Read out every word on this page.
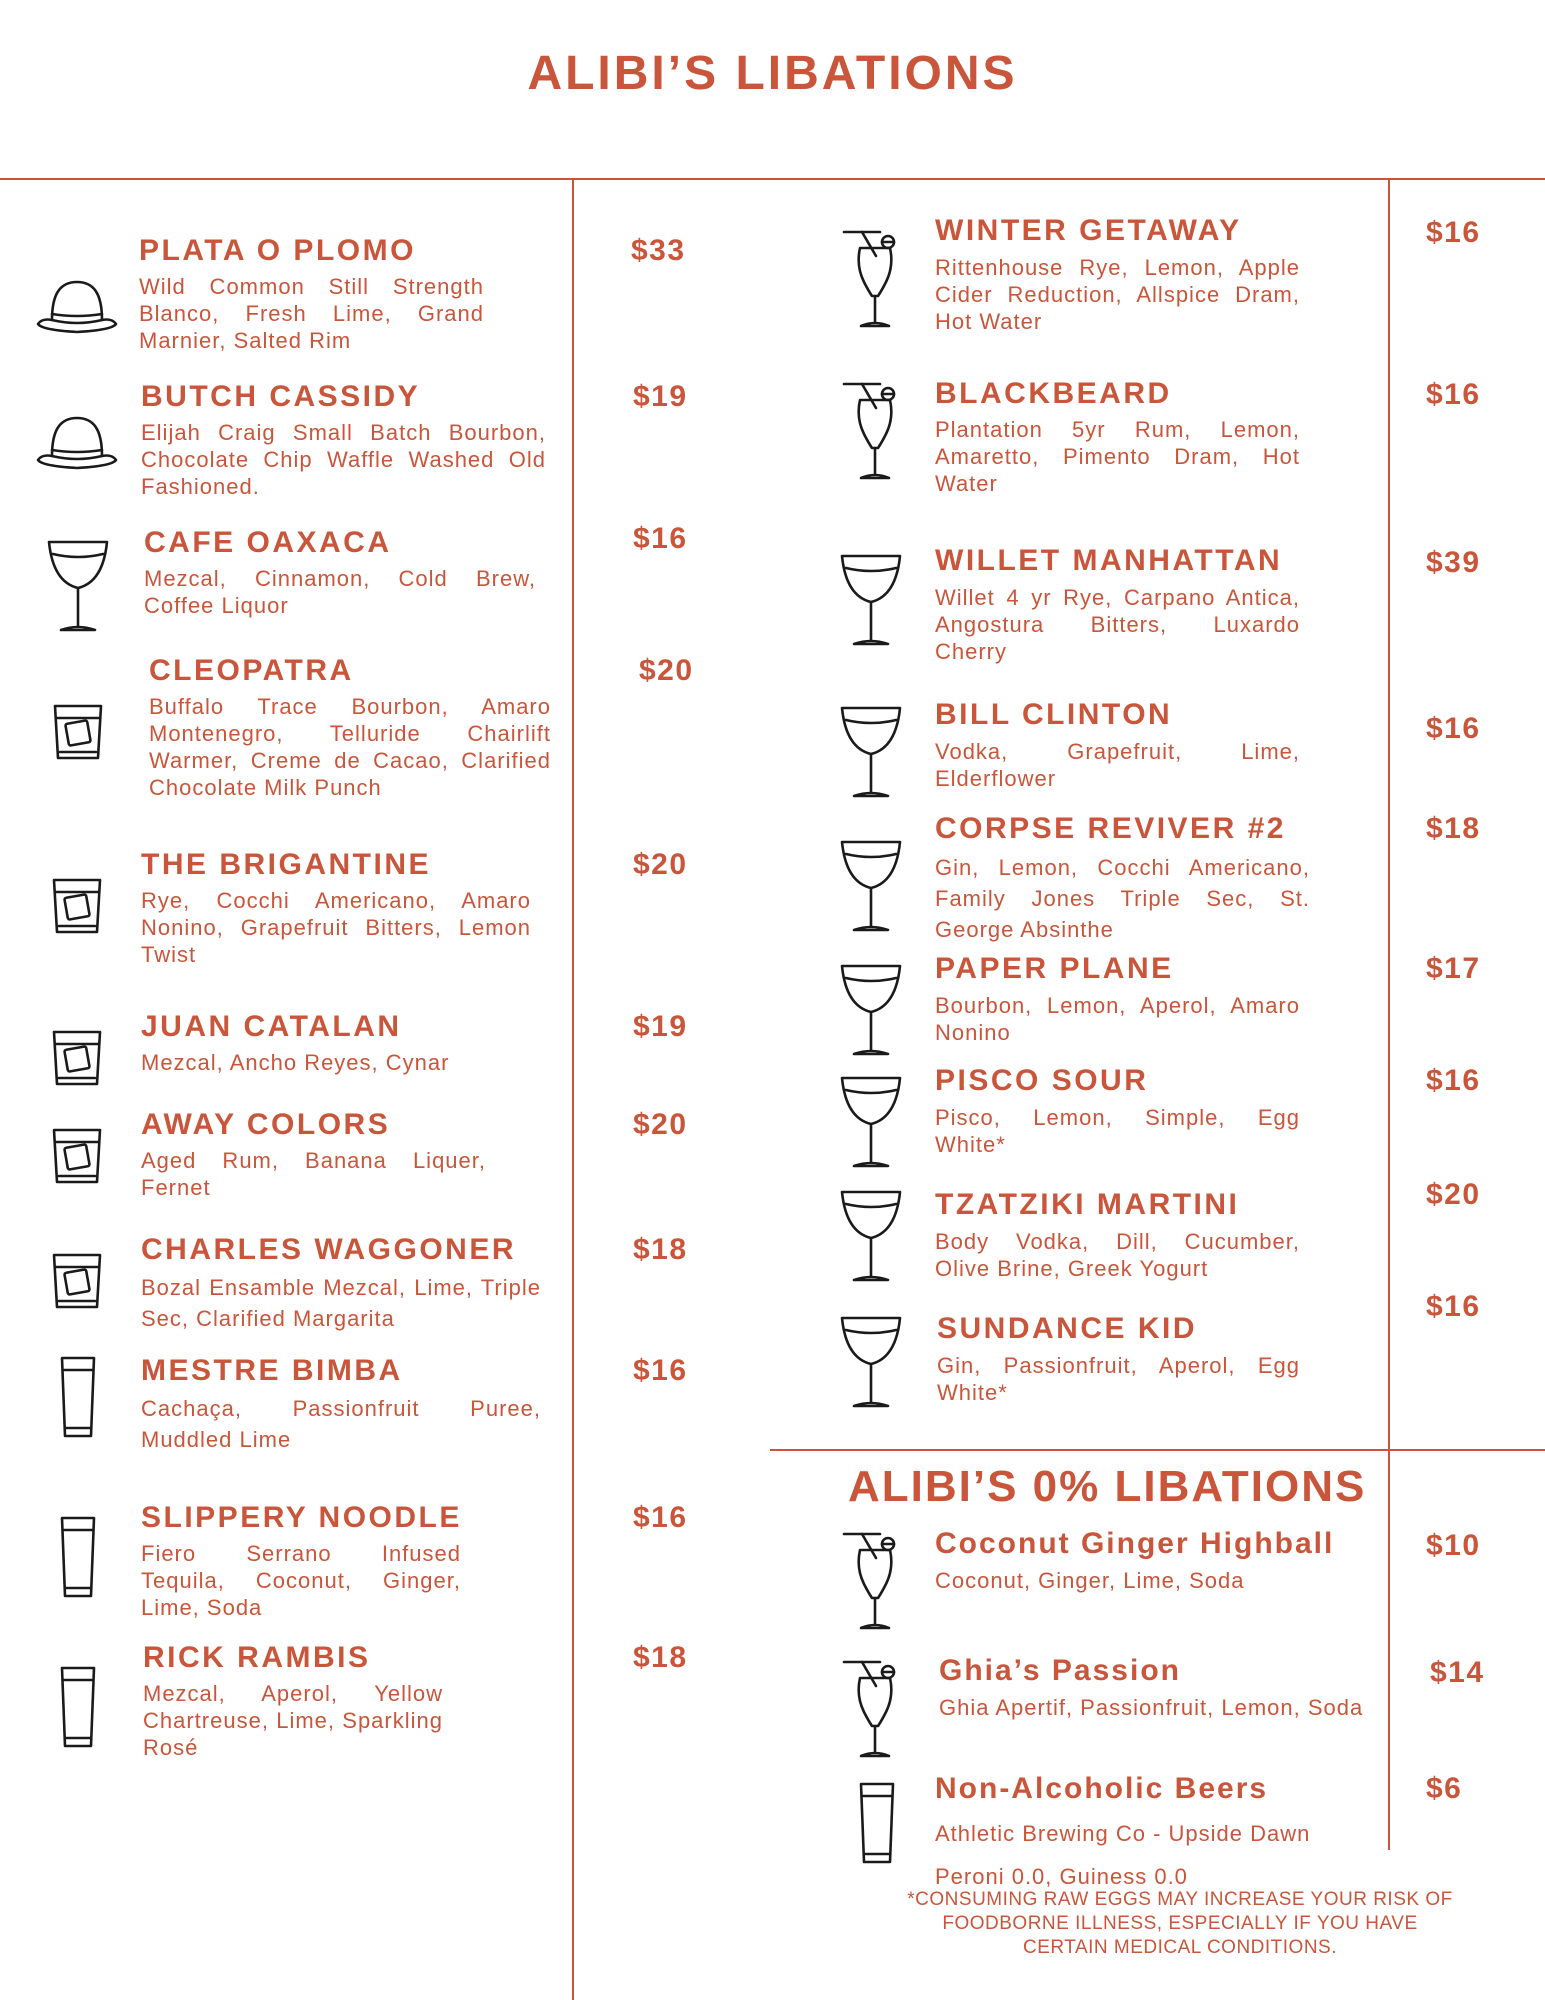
ALIBI’S LIBATIONS
ALIBI’S 0% LIBATIONS
PLATA O PLOMO

Wild Common Still Strength Blanco, Fresh Lime, Grand Marnier, Salted Rim

$33
BUTCH CASSIDY

Elijah Craig Small Batch Bourbon, Chocolate Chip Waffle Washed Old Fashioned.

$19
CAFE OAXACA

Mezcal, Cinnamon, Cold Brew, Coffee Liquor

$16
CLEOPATRA

Buffalo Trace Bourbon, Amaro Montenegro, Telluride Chairlift Warmer, Creme de Cacao, Clarified Chocolate Milk Punch

$20
THE BRIGANTINE

Rye, Cocchi Americano, Amaro Nonino, Grapefruit Bitters, Lemon Twist

$20
JUAN CATALAN

Mezcal, Ancho Reyes, Cynar

$19
AWAY COLORS

Aged Rum, Banana Liquer, Fernet

$20
CHARLES WAGGONER

Bozal Ensamble Mezcal, Lime, Triple Sec, Clarified Margarita

$18
MESTRE BIMBA

Cachaça, Passionfruit Puree, Muddled Lime

$16
SLIPPERY NOODLE

Fiero Serrano Infused Tequila, Coconut, Ginger, Lime, Soda

$16
RICK RAMBIS

Mezcal, Aperol, Yellow Chartreuse, Lime, Sparkling Rosé

$18
WINTER GETAWAY

Rittenhouse Rye, Lemon, Apple Cider Reduction, Allspice Dram, Hot Water

$16
BLACKBEARD

Plantation 5yr Rum, Lemon, Amaretto, Pimento Dram, Hot Water

$16
WILLET MANHATTAN

Willet 4 yr Rye, Carpano Antica, Angostura Bitters, Luxardo Cherry

$39
BILL CLINTON

Vodka, Grapefruit, Lime, Elderflower

$16
CORPSE REVIVER #2

Gin, Lemon, Cocchi Americano, Family Jones Triple Sec, St. George Absinthe

$18
PAPER PLANE

Bourbon, Lemon, Aperol, Amaro Nonino

$17
PISCO SOUR

Pisco, Lemon, Simple, Egg White*

$16
TZATZIKI MARTINI

Body Vodka, Dill, Cucumber, Olive Brine, Greek Yogurt

$20
SUNDANCE KID

Gin, Passionfruit, Aperol, Egg White*

$16
Coconut Ginger Highball

Coconut, Ginger, Lime, Soda

$10
Ghia’s Passion

Ghia Apertif, Passionfruit, Lemon, Soda

$14
Non-Alcoholic Beers

Athletic Brewing Co - Upside Dawn Peroni 0.0, Guiness 0.0

$6
*CONSUMING RAW EGGS MAY INCREASE YOUR RISK OF FOODBORNE ILLNESS, ESPECIALLY IF YOU HAVE CERTAIN MEDICAL CONDITIONS.
